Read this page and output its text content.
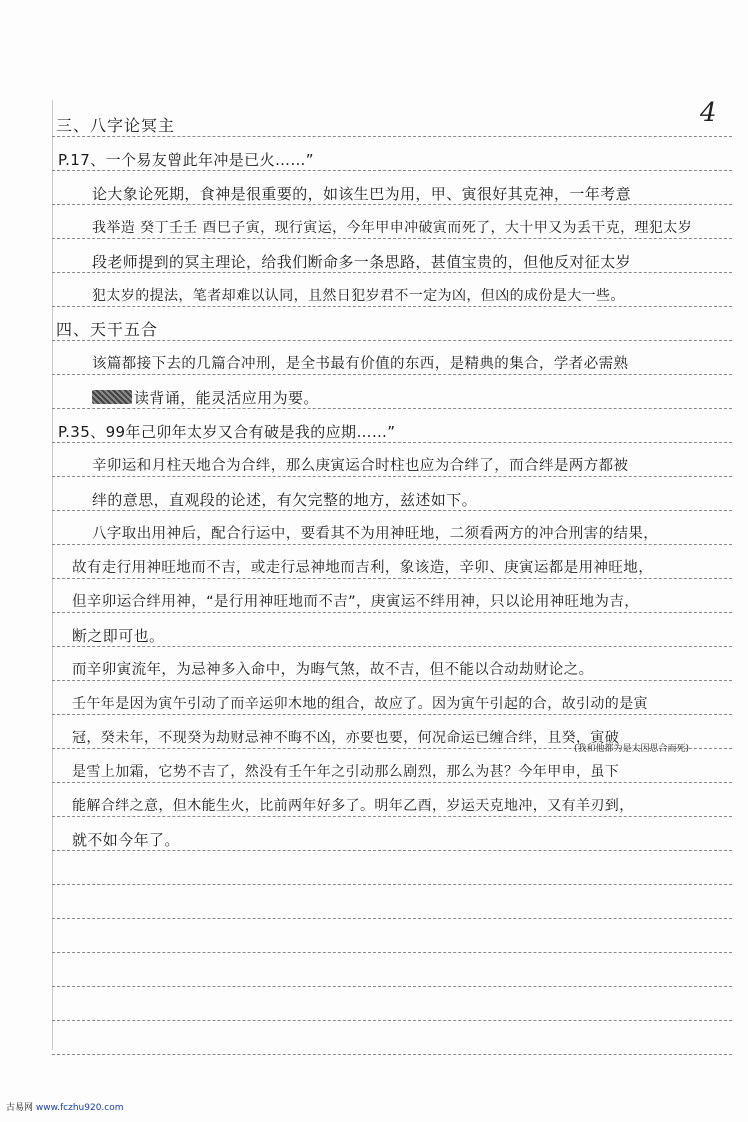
4
三、八字论冥主
P.17、一个易友曾此年冲是已火……”
论大象论死期，食神是很重要的，如该生巴为用，甲、寅很好其克神，一年考意
我举造 癸丁壬壬 酉巳子寅，现行寅运，今年甲申冲破寅而死了，大十甲又为丢干克，理犯太岁
段老师提到的冥主理论，给我们断命多一条思路，甚值宝贵的，但他反对征太岁
犯太岁的提法，笔者却难以认同，且然日犯岁君不一定为凶，但凶的成份是大一些。
四、天干五合
该篇都接下去的几篇合冲刑，是全书最有价值的东西，是精典的集合，学者必需熟
读背诵，能灵活应用为要。
P.35、99年己卯年太岁又合有破是我的应期……”
辛卯运和月柱天地合为合绊，那么庚寅运合时柱也应为合绊了，而合绊是两方都被
绊的意思，直观段的论述，有欠完整的地方，兹述如下。
八字取出用神后，配合行运中，要看其不为用神旺地，二须看两方的冲合刑害的结果，
故有走行用神旺地而不吉，或走行忌神地而吉利，象该造，辛卯、庚寅运都是用神旺地，
但辛卯运合绊用神，“是行用神旺地而不吉”，庚寅运不绊用神，只以论用神旺地为吉，
断之即可也。
而辛卯寅流年，为忌神多入命中，为晦气煞，故不吉，但不能以合动劫财论之。
壬午年是因为寅午引动了而辛运卯木地的组合，故应了。因为寅午引起的合，故引动的是寅
冠，癸未年，不现癸为劫财忌神不晦不凶，亦要也要，何况命运已缠合绊，且癸，寅破
(我和他都为是太因思合而死)
是雪上加霜，它势不吉了，然没有壬午年之引动那么剧烈，那么为甚？今年甲申，虽下
能解合绊之意，但木能生火，比前两年好多了。明年乙酉，岁运天克地冲，又有羊刃到，
就不如今年了。
古易网 www.fczhu920.com
